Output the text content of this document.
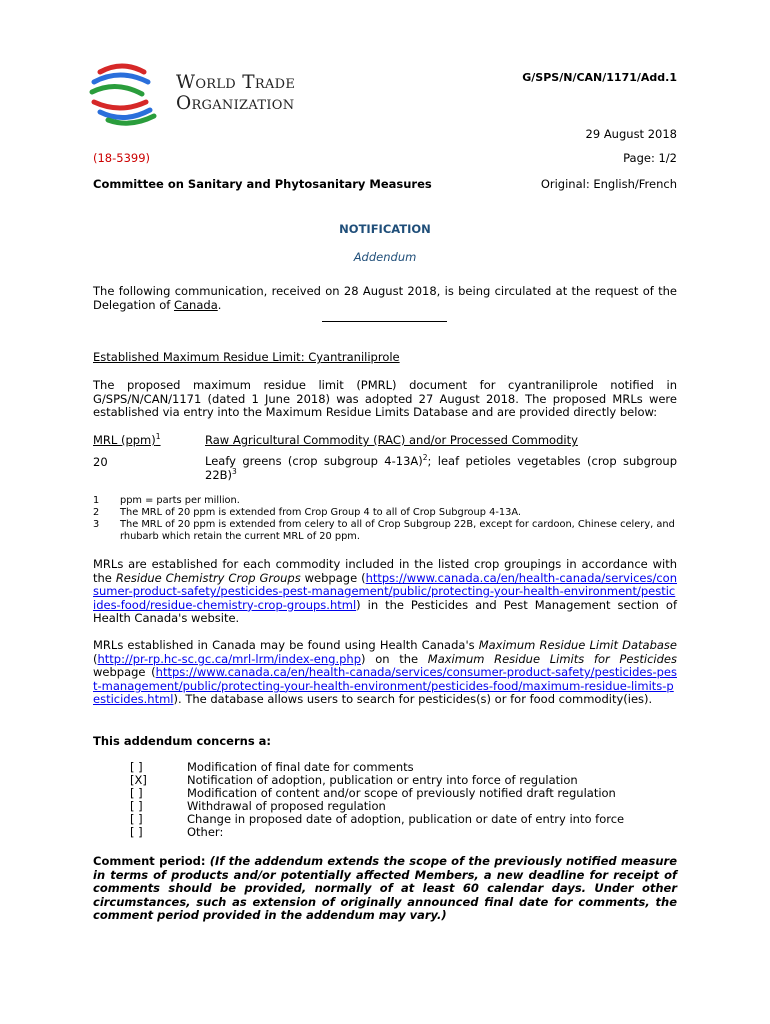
World Trade
Organization
G/SPS/N/CAN/1171/Add.1
29 August 2018
(18-5399)	Page: 1/2
Committee on Sanitary and Phytosanitary Measures	Original: English/French
NOTIFICATION
Addendum
The following communication, received on 28 August 2018, is being circulated at the request of the Delegation of Canada.
Established Maximum Residue Limit: Cyantraniliprole
The proposed maximum residue limit (PMRL) document for cyantraniliprole notified in G/SPS/N/CAN/1171 (dated 1 June 2018) was adopted 27 August 2018. The proposed MRLs were established via entry into the Maximum Residue Limits Database and are provided directly below:
MRL (ppm)$^1$	Raw Agricultural Commodity (RAC) and/or Processed Commodity
20	Leafy greens (crop subgroup 4-13A)$^2$; leaf petioles vegetables (crop subgroup 22B)$^3$
1 ppm = parts per million.
2 The MRL of 20 ppm is extended from Crop Group 4 to all of Crop Subgroup 4-13A.
3 The MRL of 20 ppm is extended from celery to all of Crop Subgroup 22B, except for cardoon, Chinese celery, and rhubarb which retain the current MRL of 20 ppm.
MRLs are established for each commodity included in the listed crop groupings in accordance with the Residue Chemistry Crop Groups webpage (https://www.canada.ca/en/health-canada/services/consumer-product-safety/pesticides-pest-management/public/protecting-your-health-environment/pesticides-food/residue-chemistry-crop-groups.html) in the Pesticides and Pest Management section of Health Canada's website.
MRLs established in Canada may be found using Health Canada's Maximum Residue Limit Database (http://pr-rp.hc-sc.gc.ca/mrl-lrm/index-eng.php) on the Maximum Residue Limits for Pesticides webpage (https://www.canada.ca/en/health-canada/services/consumer-product-safety/pesticides-pest-management/public/protecting-your-health-environment/pesticides-food/maximum-residue-limits-pesticides.html). The database allows users to search for pesticides(s) or for food commodity(ies).
This addendum concerns a:
[ ]	Modification of final date for comments
[X]	Notification of adoption, publication or entry into force of regulation
[ ]	Modification of content and/or scope of previously notified draft regulation
[ ]	Withdrawal of proposed regulation
[ ]	Change in proposed date of adoption, publication or date of entry into force
[ ]	Other:
Comment period: (If the addendum extends the scope of the previously notified measure in terms of products and/or potentially affected Members, a new deadline for receipt of comments should be provided, normally of at least 60 calendar days. Under other circumstances, such as extension of originally announced final date for comments, the comment period provided in the addendum may vary.)
